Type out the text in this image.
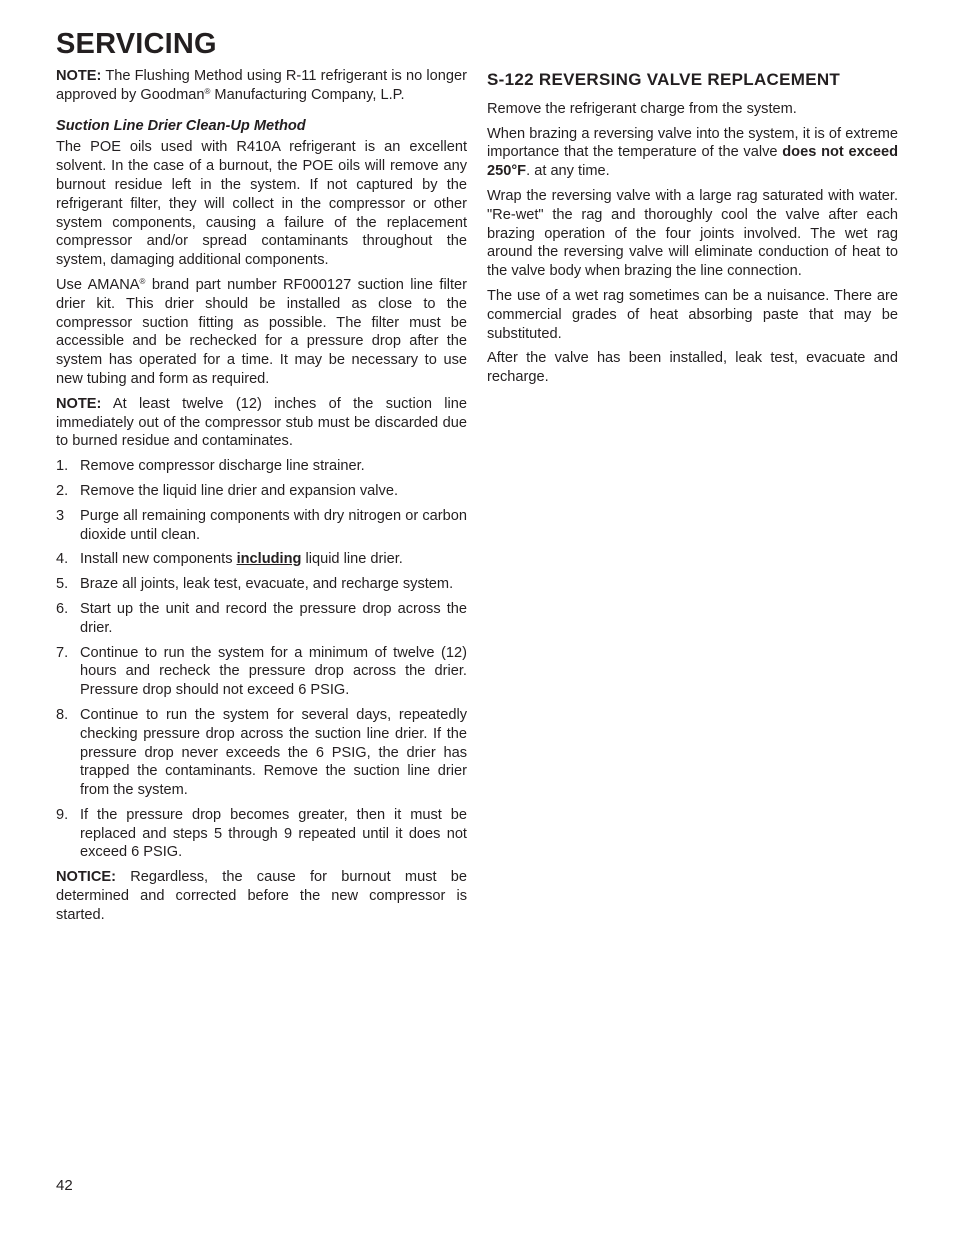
SERVICING

NOTE: The Flushing Method using R-11 refrigerant is no longer approved by Goodman® Manufacturing Company, L.P.

Suction Line Drier Clean-Up Method

The POE oils used with R410A refrigerant is an excellent solvent. In the case of a burnout, the POE oils will remove any burnout residue left in the system. If not captured by the refrigerant filter, they will collect in the compressor or other system components, causing a failure of the replacement compressor and/or spread contaminants throughout the system, damaging additional components.

Use AMANA® brand part number RF000127 suction line filter drier kit. This drier should be installed as close to the compressor suction fitting as possible. The filter must be accessible and be rechecked for a pressure drop after the system has operated for a time. It may be necessary to use new tubing and form as required.

NOTE: At least twelve (12) inches of the suction line immediately out of the compressor stub must be discarded due to burned residue and contaminates.

1. Remove compressor discharge line strainer.
2. Remove the liquid line drier and expansion valve.
3	Purge all remaining components with dry nitrogen or carbon dioxide until clean.
4. Install new components including liquid line drier.
5. Braze all joints, leak test, evacuate, and recharge system.
6. Start up the unit and record the pressure drop across the drier.
7. Continue to run the system for a minimum of twelve (12) hours and recheck the pressure drop across the drier. Pressure drop should not exceed 6 PSIG.
8. Continue to run the system for several days, repeatedly checking pressure drop across the suction line drier. If the pressure drop never exceeds the 6 PSIG, the drier has trapped the contaminants. Remove the suction line drier from the system.
9. If the pressure drop becomes greater, then it must be replaced and steps 5 through 9 repeated until it does not exceed 6 PSIG.

NOTICE: Regardless, the cause for burnout must be determined and corrected before the new compressor is started.

S-122 REVERSING VALVE REPLACEMENT

Remove the refrigerant charge from the system.

When brazing a reversing valve into the system, it is of extreme importance that the temperature of the valve does not exceed 250°F. at any time.

Wrap the reversing valve with a large rag saturated with water. "Re-wet" the rag and thoroughly cool the valve after each brazing operation of the four joints involved. The wet rag around the reversing valve will eliminate conduction of heat to the valve body when brazing the line connection.

The use of a wet rag sometimes can be a nuisance. There are commercial grades of heat absorbing paste that may be substituted.

After the valve has been installed, leak test, evacuate and recharge.

42
